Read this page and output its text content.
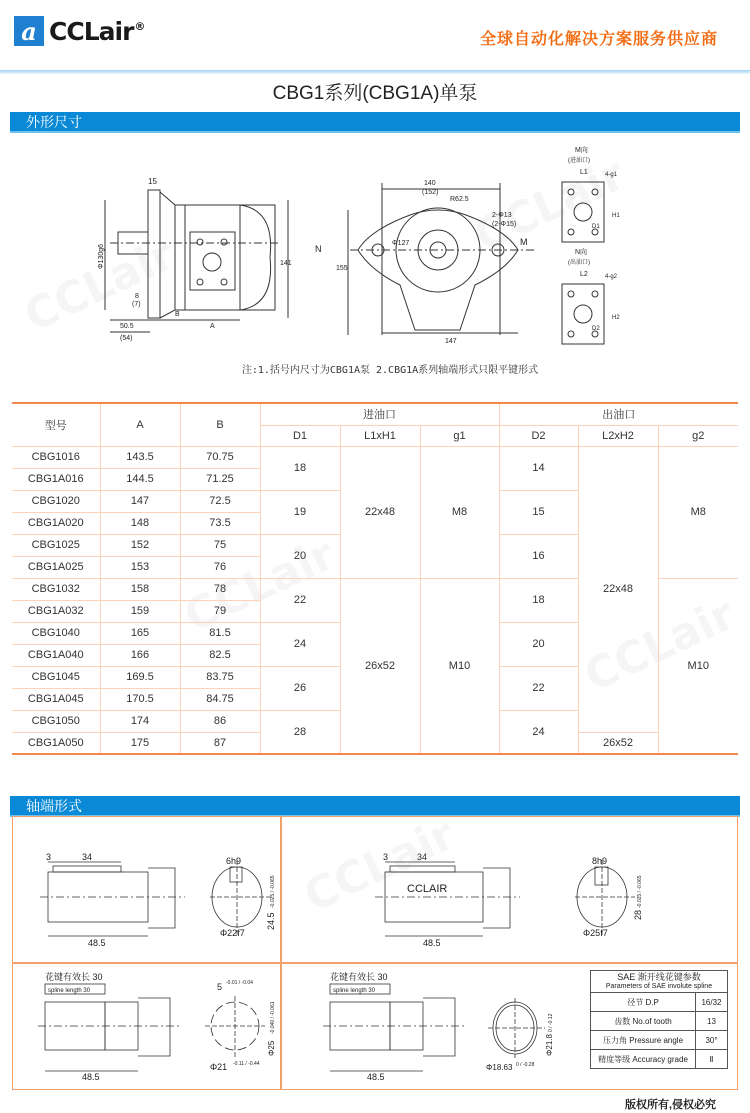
a CCLair®
全球自动化解决方案服务供应商
CBG1系列(CBG1A)单泵
外形尺寸
15
Φ130g6	141
8
(7)
50.5
(54)
B
A
140
(152)
R62.5
2-Φ13
(2-Φ15)
N
M
Φ127
155
147
M向
(进油口)
L1	4-g1
H1
D1
N向
(出油口)
L2	4-g2
H2
D2
注:1.括号内尺寸为CBG1A泵 2.CBG1A系列轴端形式只限平键形式
型号	A	B	进油口			出油口		
			D1	L1xH1	g1	D2	L2xH2	g2
CBG1016	143.5	70.75	18	22x48	M8	14	22x48	M8
CBG1A016	144.5	71.25						
CBG1020	147	72.5	19			15		
CBG1A020	148	73.5						
CBG1025	152	75	20			16		
CBG1A025	153	76						
CBG1032	158	78	22	26x52	M10	18		M10
CBG1A032	159	79						
CBG1040	165	81.5	24			20		
CBG1A040	166	82.5						
CBG1045	169.5	83.75	26			22		
CBG1A045	170.5	84.75						
CBG1050	174	86	28			24		
CBG1A050	175	87					26x52	
轴端形式
3	34
48.5
6h9
24.5
-0.025 / -0.065
Φ22f7
3	34
CCLAIR
48.5
8h9
28
-0.025 / -0.065
Φ25f7
花键有效长 30
spline length 30
48.5
5 -0.01 / -0.04
Φ25
-0.040 / -0.061
Φ21 -0.11 / -0.44
花键有效长 30
spline length 30
48.5
Φ21.8
0 / -0.12
Φ18.63 0 / -0.28
SAE 渐开线花键参数
Parameters of SAE involute spline	

径节 D.P	16/32
齿数 No.of tooth	13
压力角 Pressure angle	30°
精度等级 Accuracy grade	Ⅱ
版权所有,侵权必究
